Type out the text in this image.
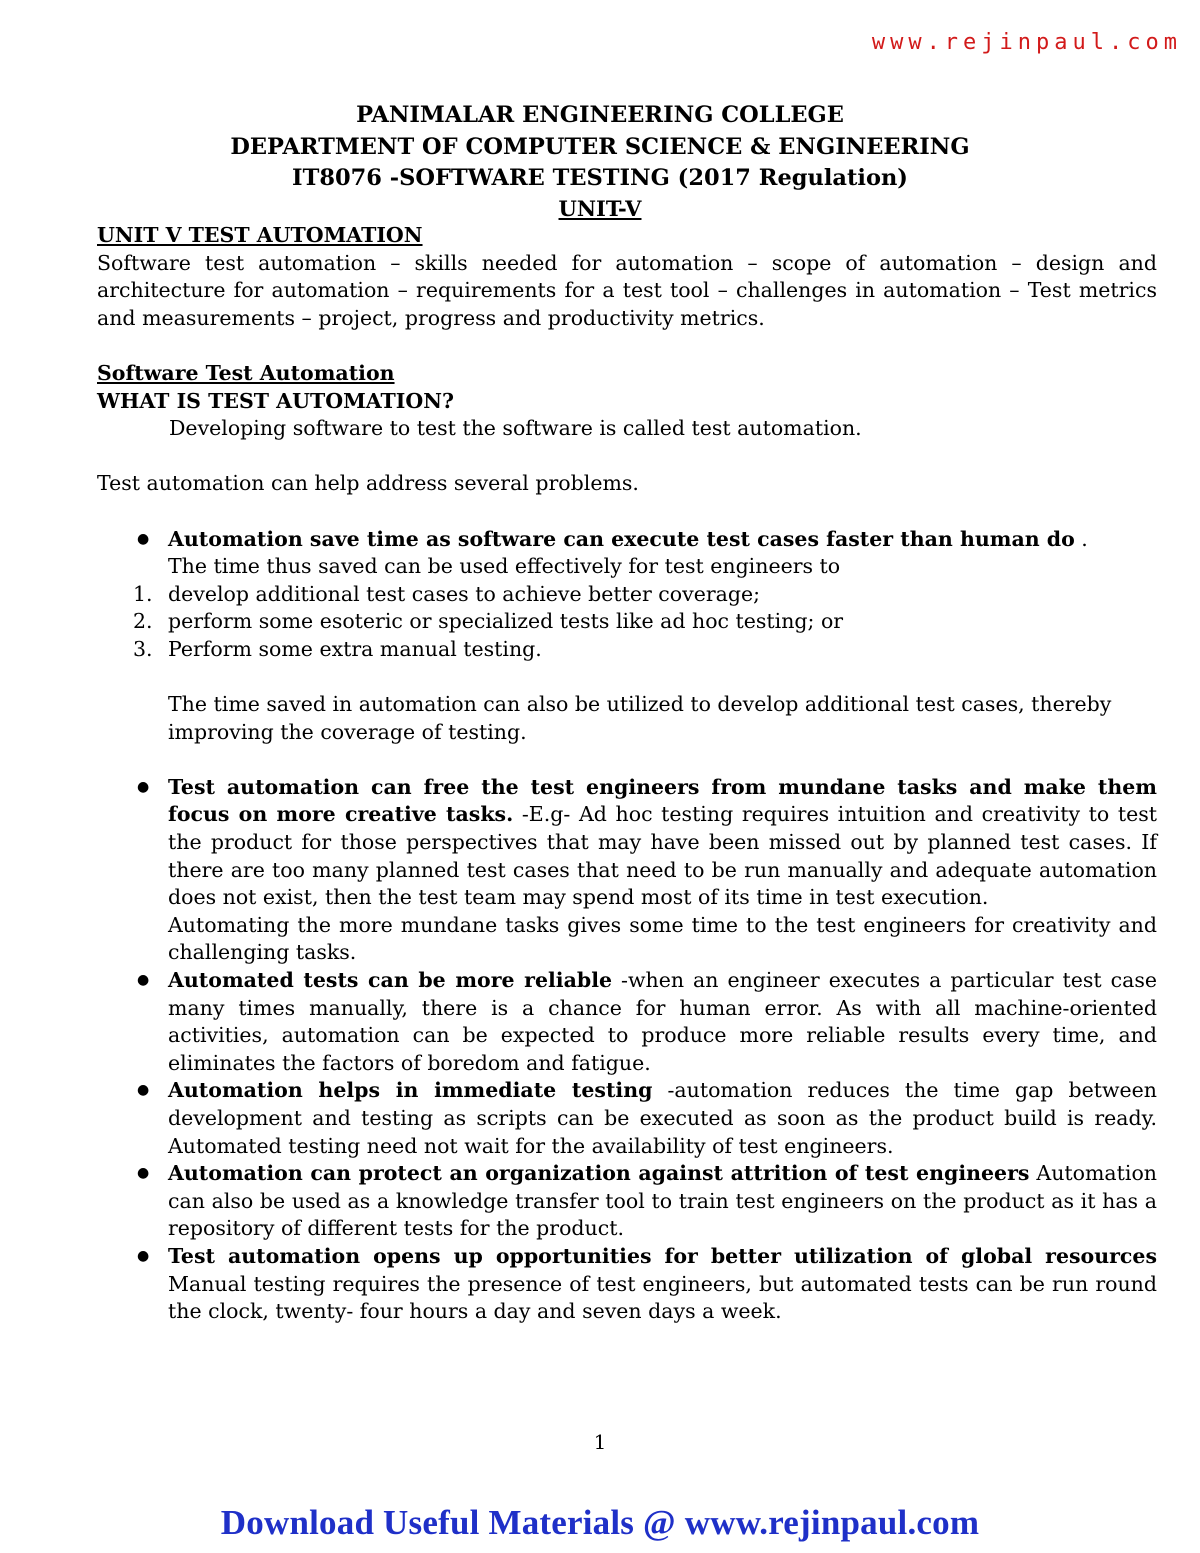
www.rejinpaul.com
PANIMALAR ENGINEERING COLLEGE
DEPARTMENT OF COMPUTER SCIENCE & ENGINEERING
IT8076 -SOFTWARE TESTING (2017 Regulation)
UNIT-V
UNIT V TEST AUTOMATION

Software test automation – skills needed for automation – scope of automation – design and architecture for automation – requirements for a test tool – challenges in automation – Test metrics and measurements – project, progress and productivity metrics.

Software Test Automation
WHAT IS TEST AUTOMATION?

Developing software to test the software is called test automation.

Test automation can help address several problems.

● Automation save time as software can execute test cases faster than human do .
The time thus saved can be used effectively for test engineers to
1. develop additional test cases to achieve better coverage;
2. perform some esoteric or specialized tests like ad hoc testing; or
3. Perform some extra manual testing.

The time saved in automation can also be utilized to develop additional test cases, thereby improving the coverage of testing.

● Test automation can free the test engineers from mundane tasks and make them focus on more creative tasks. -E.g- Ad hoc testing requires intuition and creativity to test the product for those perspectives that may have been missed out by planned test cases. If there are too many planned test cases that need to be run manually and adequate automation does not exist, then the test team may spend most of its time in test execution.
Automating the more mundane tasks gives some time to the test engineers for creativity and challenging tasks.
● Automated tests can be more reliable -when an engineer executes a particular test case many times manually, there is a chance for human error. As with all machine-oriented activities, automation can be expected to produce more reliable results every time, and eliminates the factors of boredom and fatigue.
● Automation helps in immediate testing -automation reduces the time gap between development and testing as scripts can be executed as soon as the product build is ready. Automated testing need not wait for the availability of test engineers.
● Automation can protect an organization against attrition of test engineers Automation can also be used as a knowledge transfer tool to train test engineers on the product as it has a repository of different tests for the product.
● Test automation opens up opportunities for better utilization of global resources Manual testing requires the presence of test engineers, but automated tests can be run round the clock, twenty- four hours a day and seven days a week.
1
Download Useful Materials @ www.rejinpaul.com
